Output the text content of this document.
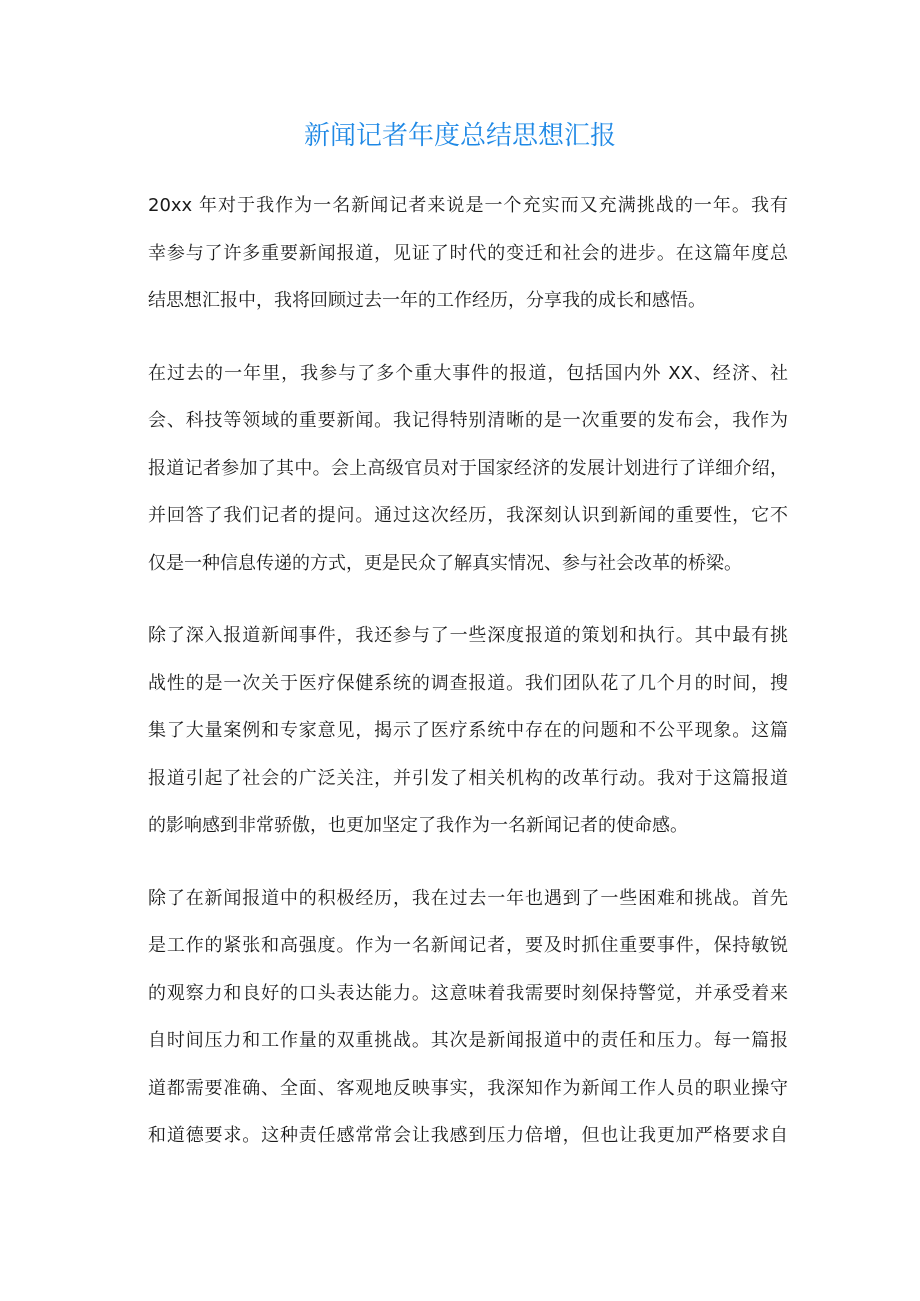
新闻记者年度总结思想汇报
20xx 年对于我作为一名新闻记者来说是一个充实而又充满挑战的一年。我有
幸参与了许多重要新闻报道，见证了时代的变迁和社会的进步。在这篇年度总
结思想汇报中，我将回顾过去一年的工作经历，分享我的成长和感悟。
在过去的一年里，我参与了多个重大事件的报道，包括国内外 XX、经济、社
会、科技等领域的重要新闻。我记得特别清晰的是一次重要的发布会，我作为
报道记者参加了其中。会上高级官员对于国家经济的发展计划进行了详细介绍，
并回答了我们记者的提问。通过这次经历，我深刻认识到新闻的重要性，它不
仅是一种信息传递的方式，更是民众了解真实情况、参与社会改革的桥梁。
除了深入报道新闻事件，我还参与了一些深度报道的策划和执行。其中最有挑
战性的是一次关于医疗保健系统的调查报道。我们团队花了几个月的时间，搜
集了大量案例和专家意见，揭示了医疗系统中存在的问题和不公平现象。这篇
报道引起了社会的广泛关注，并引发了相关机构的改革行动。我对于这篇报道
的影响感到非常骄傲，也更加坚定了我作为一名新闻记者的使命感。
除了在新闻报道中的积极经历，我在过去一年也遇到了一些困难和挑战。首先
是工作的紧张和高强度。作为一名新闻记者，要及时抓住重要事件，保持敏锐
的观察力和良好的口头表达能力。这意味着我需要时刻保持警觉，并承受着来
自时间压力和工作量的双重挑战。其次是新闻报道中的责任和压力。每一篇报
道都需要准确、全面、客观地反映事实，我深知作为新闻工作人员的职业操守
和道德要求。这种责任感常常会让我感到压力倍增，但也让我更加严格要求自
